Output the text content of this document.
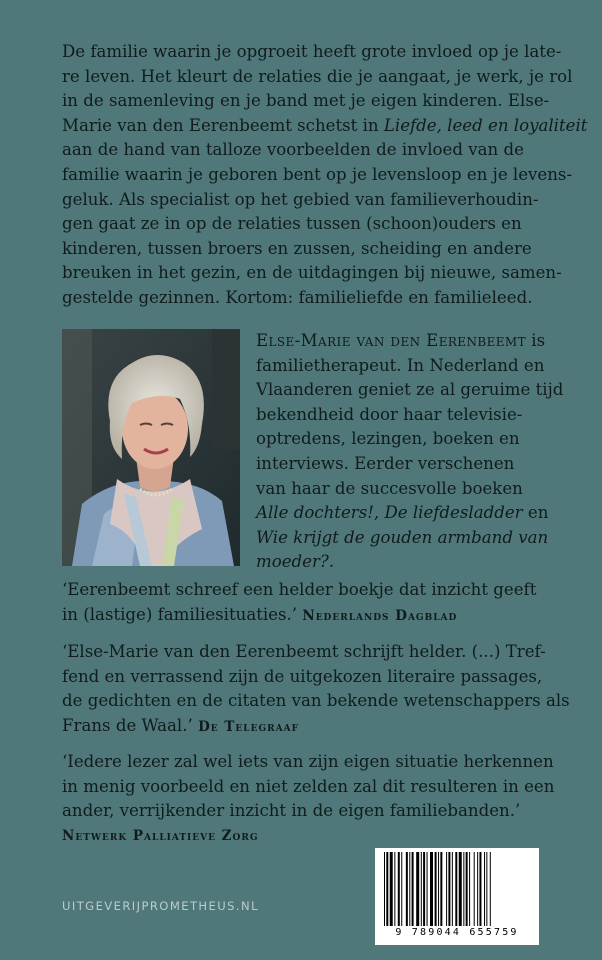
De familie waarin je opgroeit heeft grote invloed op je late-
re leven. Het kleurt de relaties die je aangaat, je werk, je rol
in de samenleving en je band met je eigen kinderen. Else-
Marie van den Eerenbeemt schetst in Liefde, leed en loyaliteit
aan de hand van talloze voorbeelden de invloed van de
familie waarin je geboren bent op je levensloop en je levens-
geluk. Als specialist op het gebied van familieverhoudin-
gen gaat ze in op de relaties tussen (schoon)ouders en
kinderen, tussen broers en zussen, scheiding en andere
breuken in het gezin, en de uitdagingen bij nieuwe, samen-
gestelde gezinnen. Kortom: familieliefde en familieleed.

Else-Marie van den Eerenbeemt is
familietherapeut. In Nederland en
Vlaanderen geniet ze al geruime tijd
bekendheid door haar televisie-
optredens, lezingen, boeken en
interviews. Eerder verschenen
van haar de succesvolle boeken
Alle dochters!, De liefdesladder en
Wie krijgt de gouden armband van
moeder?.

‘Eerenbeemt schreef een helder boekje dat inzicht geeft
in (lastige) familiesituaties.’ Nederlands Dagblad

‘Else-Marie van den Eerenbeemt schrijft helder. (...) Tref-
fend en verrassend zijn de uitgekozen literaire passages,
de gedichten en de citaten van bekende wetenschappers als
Frans de Waal.’ De Telegraaf

‘Iedere lezer zal wel iets van zijn eigen situatie herkennen
in menig voorbeeld en niet zelden zal dit resulteren in een
ander, verrijkender inzicht in de eigen familiebanden.’
Netwerk Palliatieve Zorg

UITGEVERIJPROMETHEUS.NL
9 789044 655759
